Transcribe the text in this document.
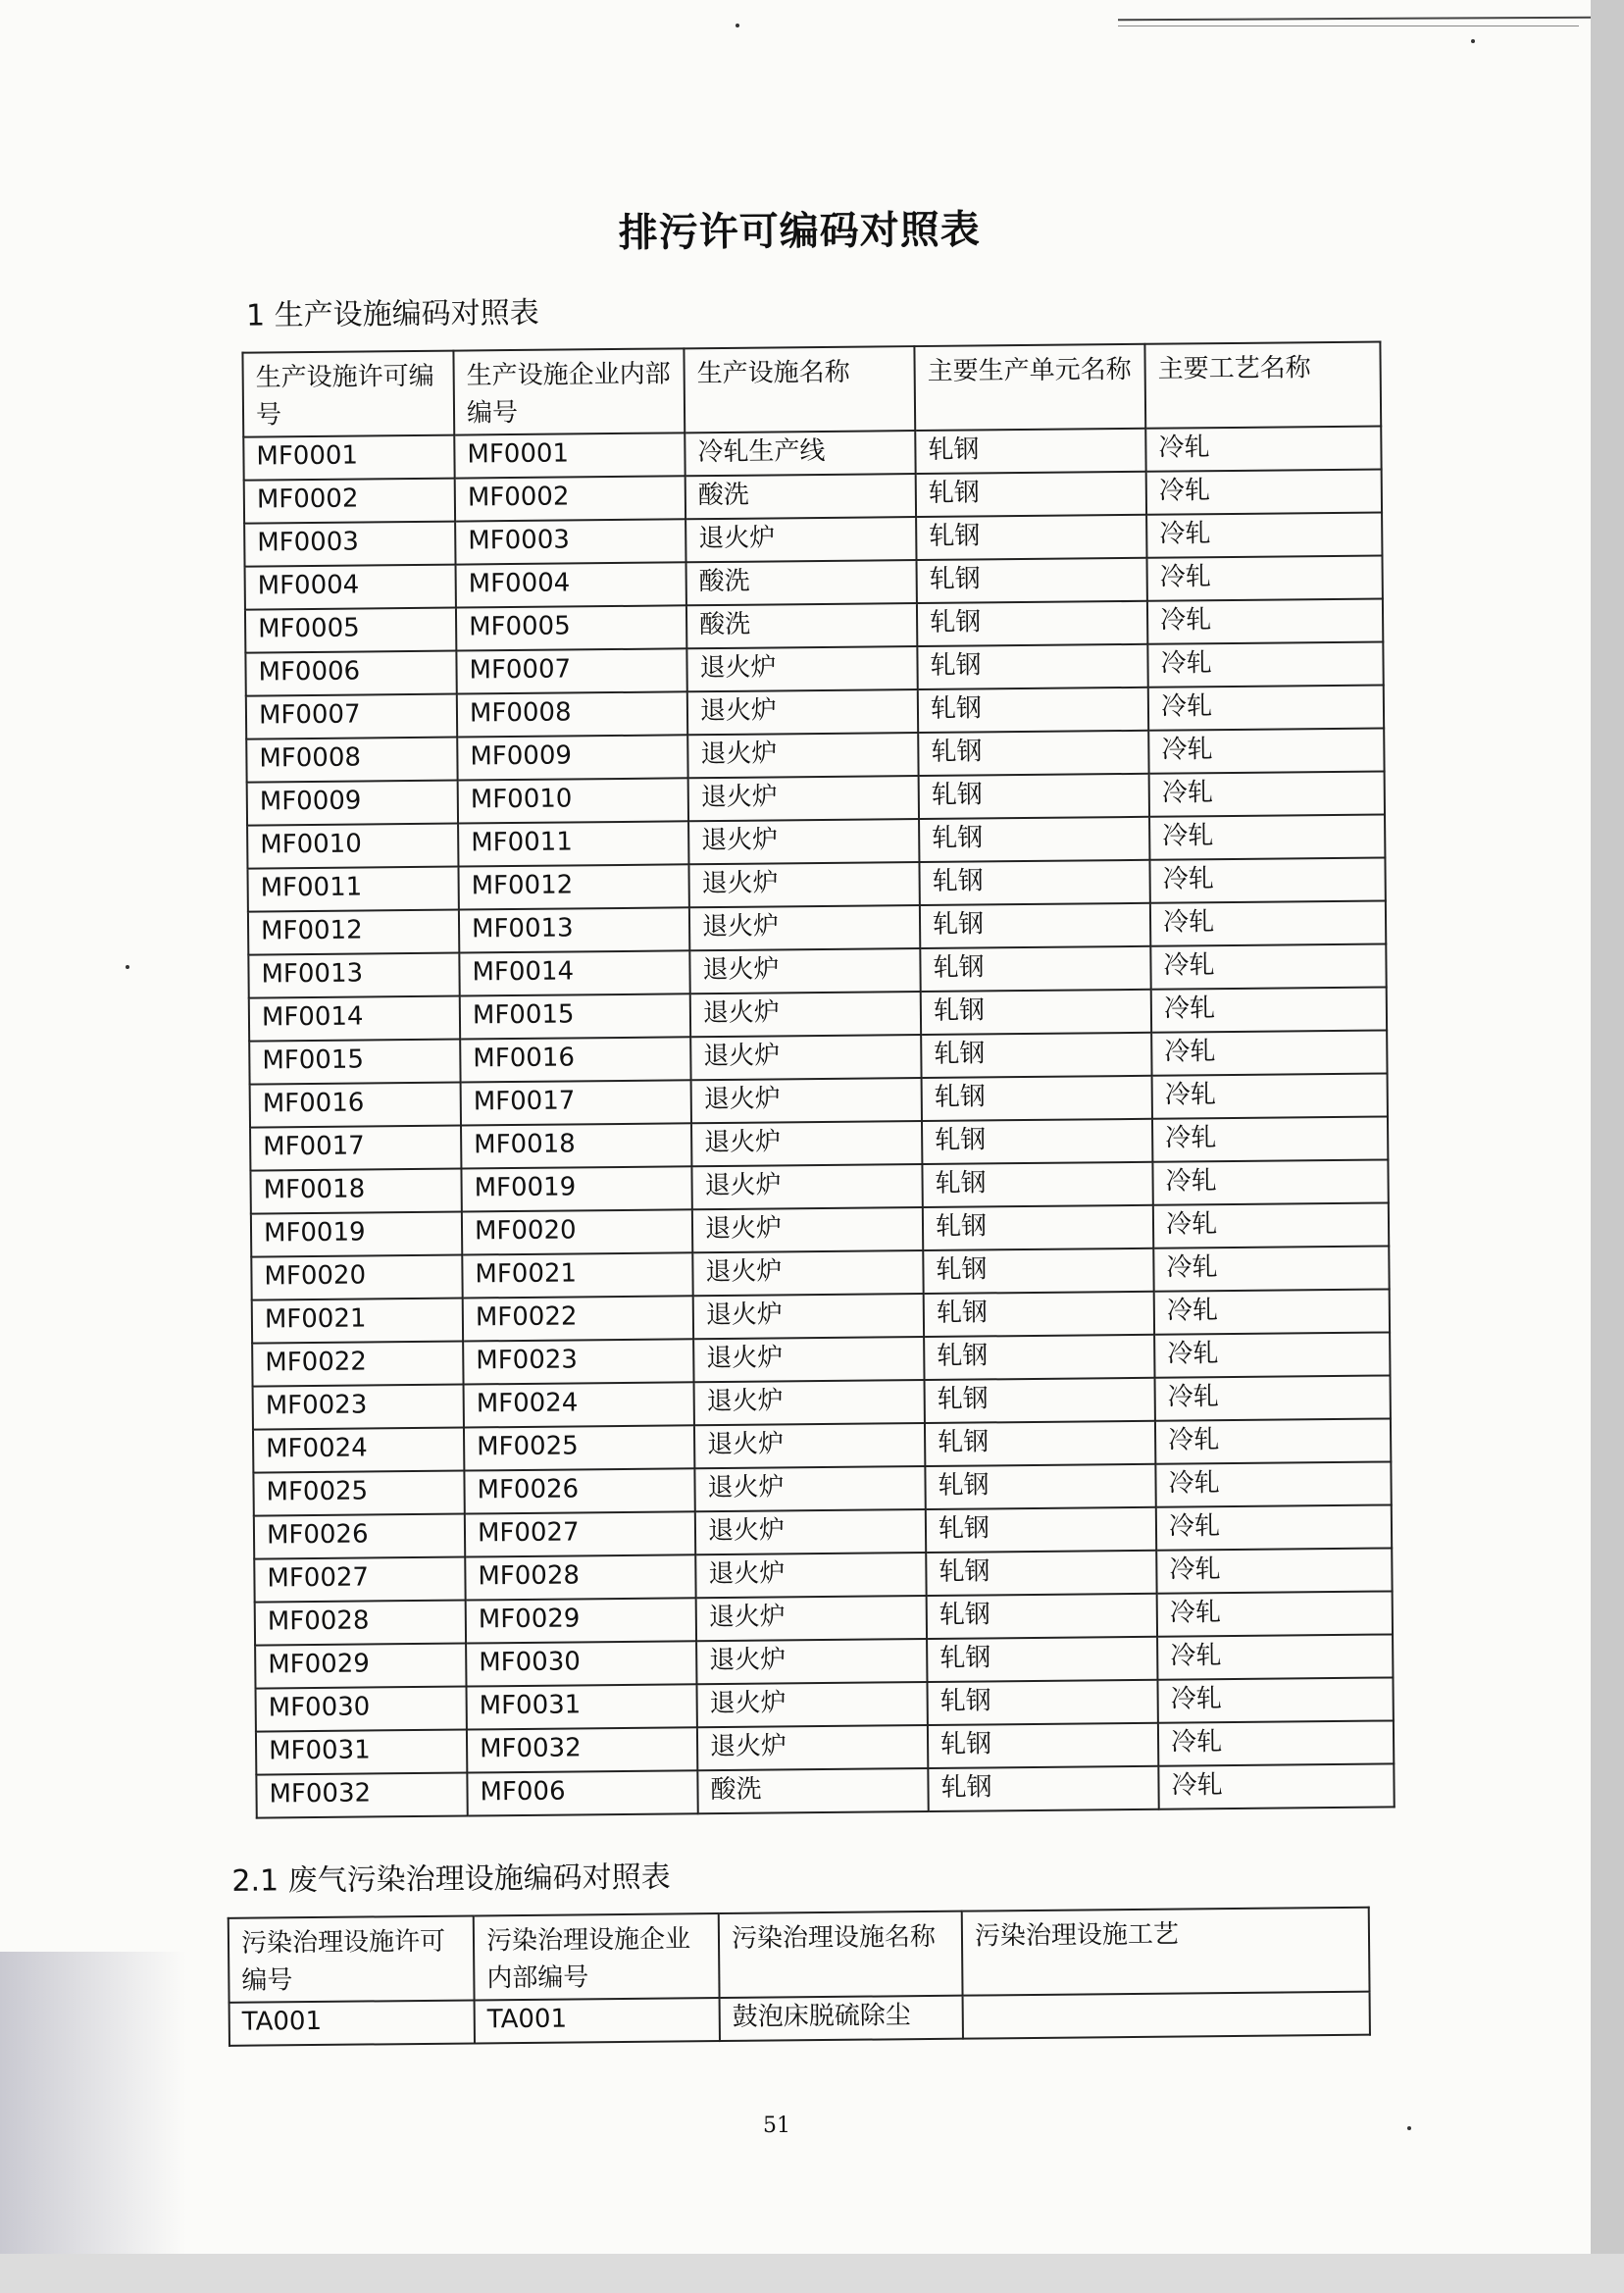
排污许可编码对照表
1 生产设施编码对照表
生产设施许可编号	生产设施企业内部编号	生产设施名称	主要生产单元名称	主要工艺名称
MF0001	MF0001	冷轧生产线	轧钢	冷轧
MF0002	MF0002	酸洗	轧钢	冷轧
MF0003	MF0003	退火炉	轧钢	冷轧
MF0004	MF0004	酸洗	轧钢	冷轧
MF0005	MF0005	酸洗	轧钢	冷轧
MF0006	MF0007	退火炉	轧钢	冷轧
MF0007	MF0008	退火炉	轧钢	冷轧
MF0008	MF0009	退火炉	轧钢	冷轧
MF0009	MF0010	退火炉	轧钢	冷轧
MF0010	MF0011	退火炉	轧钢	冷轧
MF0011	MF0012	退火炉	轧钢	冷轧
MF0012	MF0013	退火炉	轧钢	冷轧
MF0013	MF0014	退火炉	轧钢	冷轧
MF0014	MF0015	退火炉	轧钢	冷轧
MF0015	MF0016	退火炉	轧钢	冷轧
MF0016	MF0017	退火炉	轧钢	冷轧
MF0017	MF0018	退火炉	轧钢	冷轧
MF0018	MF0019	退火炉	轧钢	冷轧
MF0019	MF0020	退火炉	轧钢	冷轧
MF0020	MF0021	退火炉	轧钢	冷轧
MF0021	MF0022	退火炉	轧钢	冷轧
MF0022	MF0023	退火炉	轧钢	冷轧
MF0023	MF0024	退火炉	轧钢	冷轧
MF0024	MF0025	退火炉	轧钢	冷轧
MF0025	MF0026	退火炉	轧钢	冷轧
MF0026	MF0027	退火炉	轧钢	冷轧
MF0027	MF0028	退火炉	轧钢	冷轧
MF0028	MF0029	退火炉	轧钢	冷轧
MF0029	MF0030	退火炉	轧钢	冷轧
MF0030	MF0031	退火炉	轧钢	冷轧
MF0031	MF0032	退火炉	轧钢	冷轧
MF0032	MF006	酸洗	轧钢	冷轧
2.1 废气污染治理设施编码对照表
污染治理设施许可编号	污染治理设施企业内部编号	污染治理设施名称	污染治理设施工艺
TA001	TA001	鼓泡床脱硫除尘	
51
